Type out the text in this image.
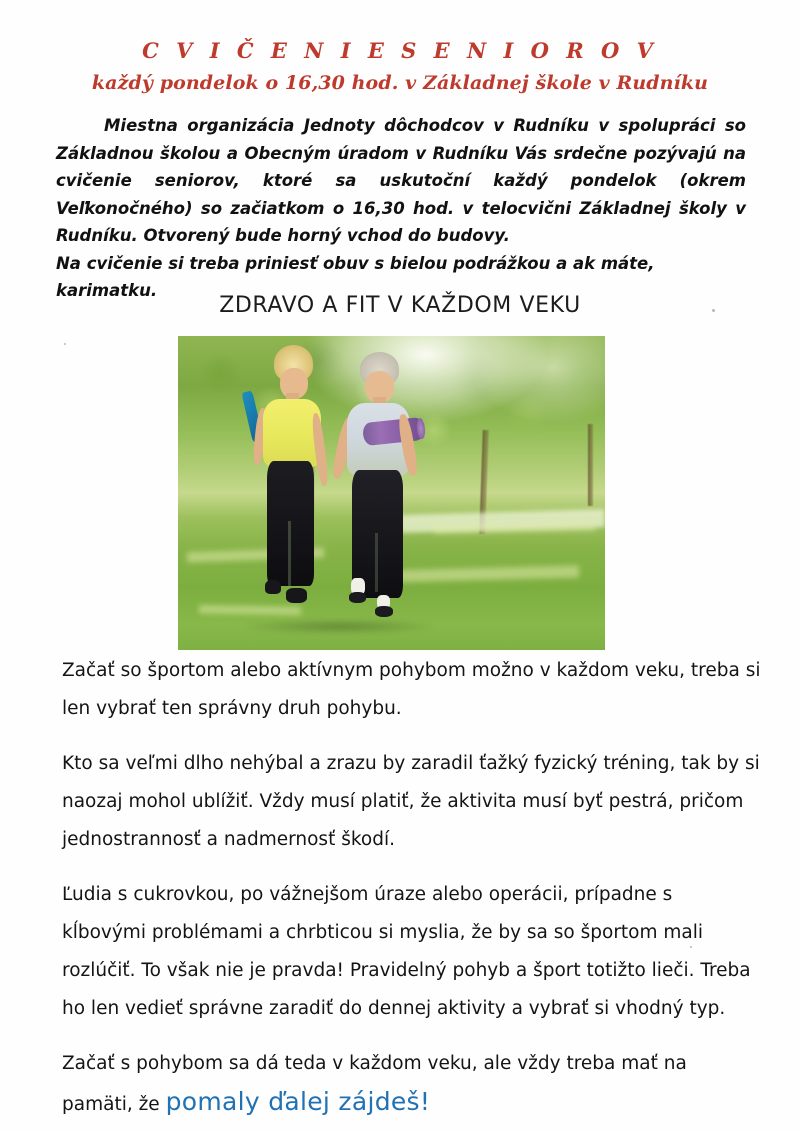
C V I Č E N I E S E N I O R O V
každý pondelok o 16,30 hod. v Základnej škole v Rudníku

Miestna organizácia Jednoty dôchodcov v Rudníku v spolupráci so Základnou školou a Obecným úradom v Rudníku Vás srdečne pozývajú na cvičenie seniorov, ktoré sa uskutoční každý pondelok (okrem Veľkonočného) so začiatkom o 16,30 hod. v telocvični Základnej školy v Rudníku. Otvorený bude horný vchod do budovy.

Na cvičenie si treba priniesť obuv s bielou podrážkou a ak máte,

karimatku.

ZDRAVO A FIT V KAŽDOM VEKU

Začať so športom alebo aktívnym pohybom možno v každom veku, treba si len vybrať ten správny druh pohybu.

Kto sa veľmi dlho nehýbal a zrazu by zaradil ťažký fyzický tréning, tak by si naozaj mohol ublížiť. Vždy musí platiť, že aktivita musí byť pestrá, pričom jednostrannosť a nadmernosť škodí.

Ľudia s cukrovkou, po vážnejšom úraze alebo operácii, prípadne s kĺbovými problémami a chrbticou si myslia, že by sa so športom mali rozlúčiť. To však nie je pravda! Pravidelný pohyb a šport totižto lieči. Treba ho len vedieť správne zaradiť do dennej aktivity a vybrať si vhodný typ.

Začať s pohybom sa dá teda v každom veku, ale vždy treba mať na pamäti, že pomaly ďalej zájdeš!
